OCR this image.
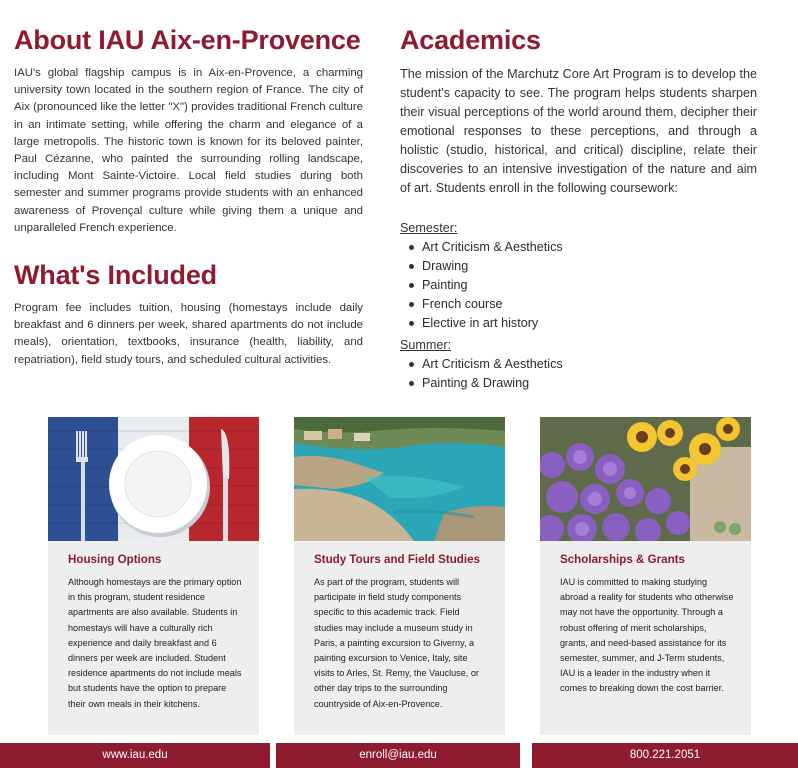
About IAU Aix-en-Provence

IAU's global flagship campus is in Aix-en-Provence, a charming university town located in the southern region of France. The city of Aix (pronounced like the letter "X") provides traditional French culture in an intimate setting, while offering the charm and elegance of a large metropolis. The historic town is known for its beloved painter, Paul Cézanne, who painted the surrounding rolling landscape, including Mont Sainte-Victoire. Local field studies during both semester and summer programs provide students with an enhanced awareness of Provençal culture while giving them a unique and unparalleled French experience.

What's Included

Program fee includes tuition, housing (homestays include daily breakfast and 6 dinners per week, shared apartments do not include meals), orientation, textbooks, insurance (health, liability, and repatriation), field study tours, and scheduled cultural activities.

Academics

The mission of the Marchutz Core Art Program is to develop the student's capacity to see. The program helps students sharpen their visual perceptions of the world around them, decipher their emotional responses to these perceptions, and through a holistic (studio, historical, and critical) discipline, relate their discoveries to an intensive investigation of the nature and aim of art. Students enroll in the following coursework:

Semester:
Art Criticism & Aesthetics
Drawing
Painting
French course
Elective in art history
Summer:
Art Criticism & Aesthetics
Painting & Drawing
Housing Options

Although homestays are the primary option in this program, student residence apartments are also available. Students in homestays will have a culturally rich experience and daily breakfast and 6 dinners per week are included. Student residence apartments do not include meals but students have the option to prepare their own meals in their kitchens.

Study Tours and Field Studies

As part of the program, students will participate in field study components specific to this academic track. Field studies may include a museum study in Paris, a painting excursion to Giverny, a painting excursion to Venice, Italy, site visits to Arles, St. Remy, the Vaucluse, or other day trips to the surrounding countryside of Aix-en-Provence.

Scholarships & Grants

IAU is committed to making studying abroad a reality for students who otherwise may not have the opportunity. Through a robust offering of merit scholarships, grants, and need-based assistance for its semester, summer, and J-Term students, IAU is a leader in the industry when it comes to breaking down the cost barrier.

www.iau.edu	enroll@iau.edu	800.221.2051
